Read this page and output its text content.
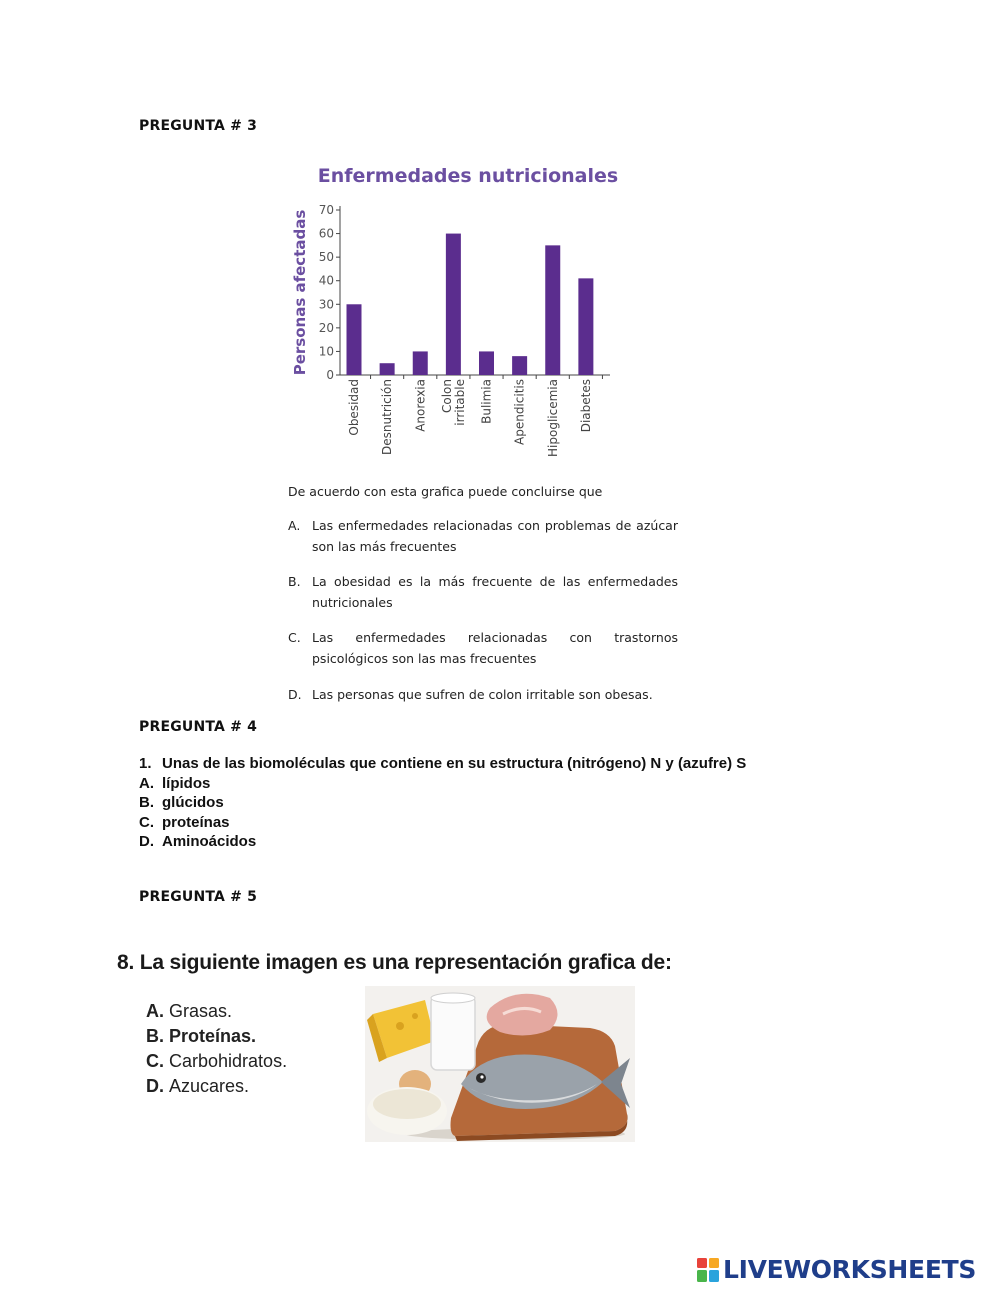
PREGUNTA # 3
Enfermedades nutricionales
Personas afectadas 0
10
20
30
40
50
60
70
Obesidad Desnutrición Anorexia Colon irritable Bulimia Apendicitis Hipoglicemia Diabetes
De acuerdo con esta grafica puede concluirse que
A. Las enfermedades relacionadas con problemas de azúcar son las más frecuentes
B. La obesidad es la más frecuente de las enfermedades nutricionales
C. Las enfermedades relacionadas con trastornos psicológicos son las mas frecuentes
D. Las personas que sufren de colon irritable son obesas.
PREGUNTA # 4
1. Unas de las biomoléculas que contiene en su estructura (nitrógeno) N y (azufre) S
A. lípidos
B. glúcidos
C. proteínas
D. Aminoácidos
PREGUNTA # 5
8. La siguiente imagen es una representación grafica de:
A. Grasas.
B. Proteínas.
C. Carbohidratos.
D. Azucares.
LIVEWORKSHEETS
